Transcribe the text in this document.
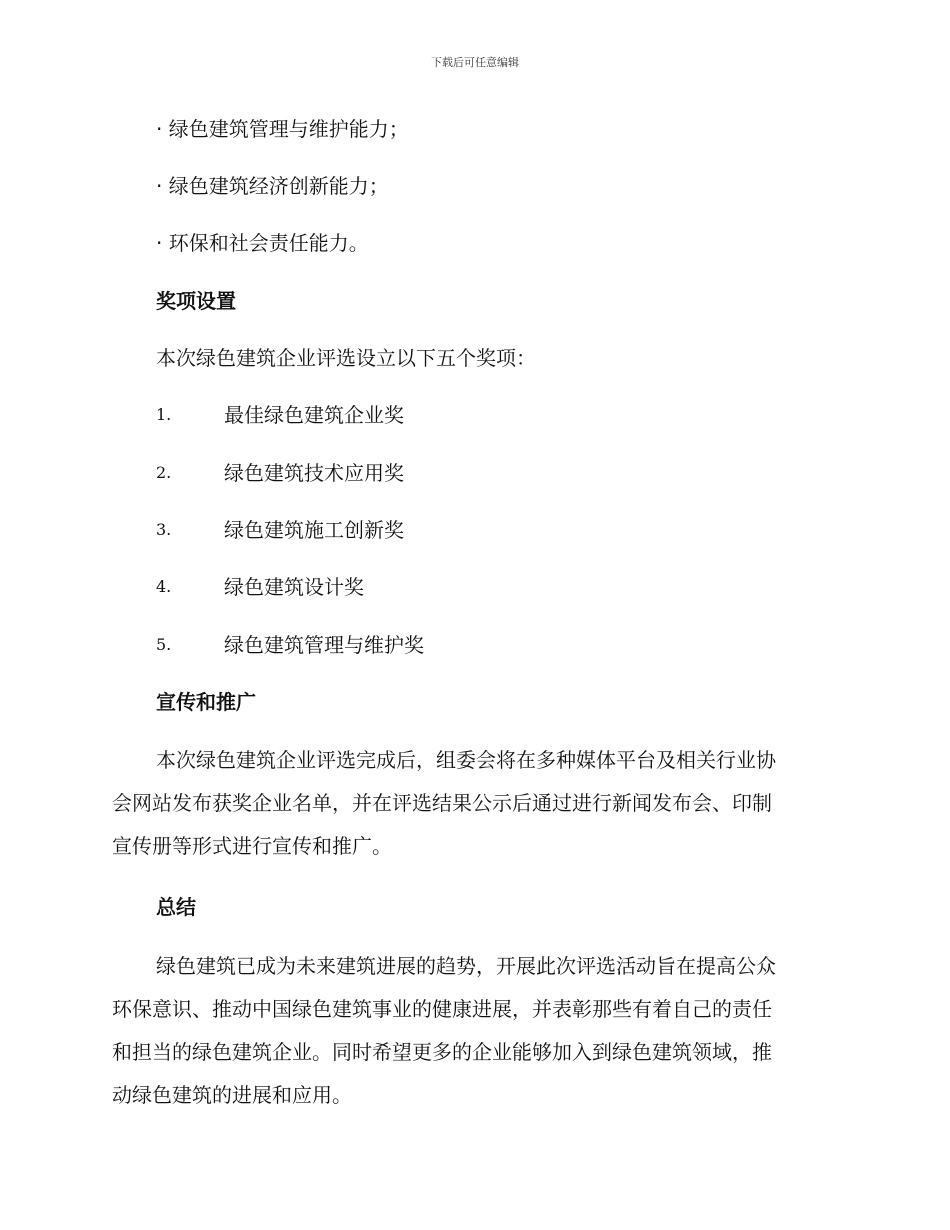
下载后可任意编辑
· 绿色建筑管理与维护能力；
· 绿色建筑经济创新能力；
· 环保和社会责任能力。
奖项设置
本次绿色建筑企业评选设立以下五个奖项：
1.	最佳绿色建筑企业奖
2.	绿色建筑技术应用奖
3.	绿色建筑施工创新奖
4.	绿色建筑设计奖
5.	绿色建筑管理与维护奖
宣传和推广
本次绿色建筑企业评选完成后，组委会将在多种媒体平台及相关行业协
会网站发布获奖企业名单，并在评选结果公示后通过进行新闻发布会、印制
宣传册等形式进行宣传和推广。
总结
绿色建筑已成为未来建筑进展的趋势，开展此次评选活动旨在提高公众
环保意识、推动中国绿色建筑事业的健康进展，并表彰那些有着自己的责任
和担当的绿色建筑企业。同时希望更多的企业能够加入到绿色建筑领域，推
动绿色建筑的进展和应用。
